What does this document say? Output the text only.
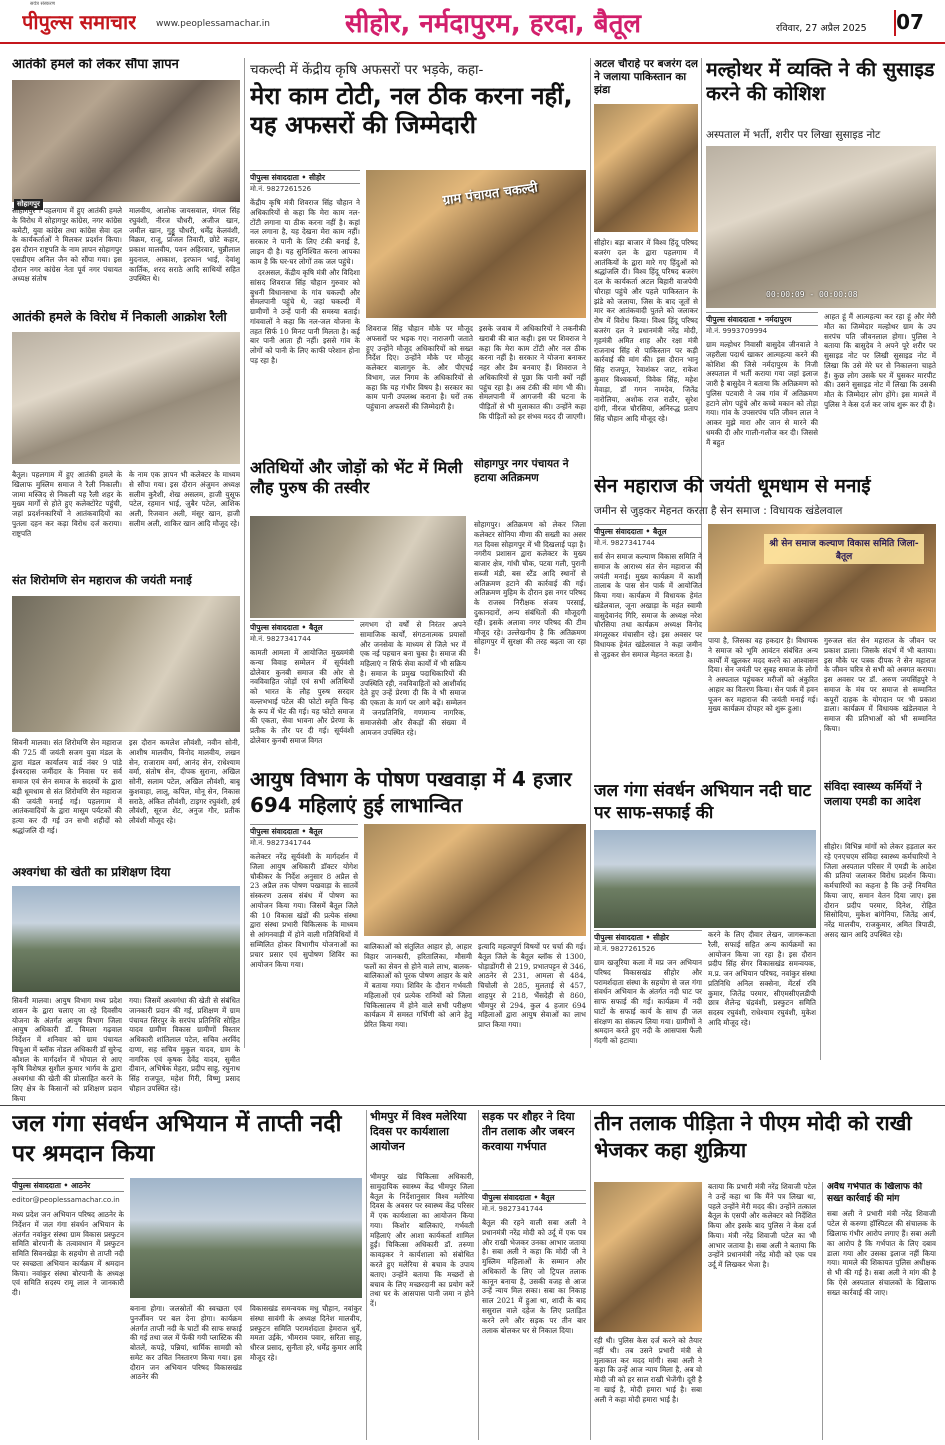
सर्वत्र संस्करण
पीपुल्स समाचार www.peoplessamachar.in	सीहोर, नर्मदापुरम, हरदा, बैतूल	रविवार, 27 अप्रैल 2025 07
आतंकी हमले को लेकर सौंपा ज्ञापन
सोहागपुर
सोहागपुर । पहलगाम में हुए आतंकी हमले के विरोध में सोहागपुर कांग्रेस, नगर कांग्रेस कमेटी, युवा कांग्रेस तथा कांग्रेस सेवा दल के कार्यकर्ताओं ने मिलकर प्रदर्शन किया। इस दौरान राष्ट्रपति के नाम ज्ञापन सोहागपुर एसडीएम अनिल जैन को सौंपा गया। इस दौरान नगर कांग्रेस नेता पूर्व नगर पंचायत अध्यक्ष संतोष
मालवीय, आलोक जायसवाल, मंगल सिंह रघुवंशी, नीरज चौधरी, अजीज खान, जमील खान, गुड्डू चौधरी, धर्मेंद्र केलवंशी, विक्रम, राजू, प्रांजल तिवारी, छोटे कहार, प्रकाश मालवीय, पवन अहिरवार, चुन्नीलाल मुदनाल, आकाश, इरफान भाई, देवांशु कार्तिक, शरद सराठे आदि साथियों सहित उपस्थित थे।
आतंकी हमले के विरोध में निकाली आक्रोश रैली
बैतूल। पहलगाम में हुए आतंकी हमले के खिलाफ मुस्लिम समाज ने रैली निकाली। जामा मस्जिद से निकली यह रैली शहर के मुख्य मार्गों से होते हुए कलेक्टोरेट पहुंची, जहां प्रदर्शनकारियों ने आतंकवादियों का पुतला दहन कर कड़ा विरोध दर्ज कराया। राष्ट्रपति
के नाम एक ज्ञापन भी कलेक्टर के माध्यम से सौंपा गया। इस दौरान अंजुमन अध्यक्ष सलीम कुरैशी, शेख असलम, हाजी युसूफ पटेल, रहमान भाई, जुबैर पटेल, आशिक अली, रिजवान अली, मंसूर खान, हाजी सलीम अली, शाकिर खान आदि मौजूद रहे।
संत शिरोमणि सेन महाराज की जयंती मनाई
सिवनी मालवा। संत शिरोमणि सेन महाराज की 725 वीं जयंती सजग युवा मंडल के द्वारा मंडल कार्यालय वार्ड नंबर 9 पांडे ईश्वरदास जमींदार के निवास पर सर्व समाज एवं सेन समाज के सदस्यों के द्वारा बड़ी धूमधाम से संत शिरोमणि सेन महाराज की जयंती मनाई गई। पहलगाम में आतंकवादियों के द्वारा मासूम पर्यटकों की हत्या कर दी गई उन सभी शहीदों को श्रद्धांजलि दी गई।
इस दौरान कमलेश लौवंशी, नवीन सोनी, आशीष मालवीय, विनोद मालवीय, लखन सेन, राजाराम वर्मा, आनंद सेन, राधेश्याम वर्मा, संतोष सेन, दीपक सुराना, अखिल सोनी, सलाम पटेल, अखिल लौवंशी, बाबू कुशवाहा, लालू, कपिल, मोनू सेन, निकास सराठे, अंकित लौवंशी, टाइगर रघुवंशी, हर्ष लौवंशी, सूरज शेट, अनुज गौर, प्रतीक लौवंशी मौजूद रहे।
अश्वगंधा की खेती का प्रशिक्षण दिया
सिवनी मालवा। आयुष विभाग मध्य प्रदेश शासन के द्वारा चलाए जा रहे दिवसीय योजना के अंतर्गत आयुष विभाग जिला आयुष अधिकारी डॉ. विमला गढ़वाल निर्देशन में शनिवार को ग्राम पंचायत चिचुआ में ब्लॉक नोडल अधिकारी डॉ सुरेन्द्र कौशल के मार्गदर्शन में भोपाल से आए कृषि विशेषज्ञ सुशील कुमार भार्गव के द्वारा अश्वगंधा की खेती की प्रोत्साहित करने के लिए क्षेत्र के किसानों को प्रशिक्षण प्रदान किया
गया। जिसमें अश्वगंधा की खेती से संबंधित जानकारी प्रदान की गई, प्रशिक्षण में ग्राम पंचायत सिरपुर के सरपंच प्रतिनिधि सोहित यादव ग्रामीण विकास ग्रामीणों विस्तार अधिकारी शांतिलाल पटेल, सचिव अरविंद दाणा, सह सचिव मुकुल यादव, ग्राम के नागरिक एवं कृषक देवेंद्र यादव, सुमीत दीवान, अभिषेक मेहरा, प्रदीप साहू, रघुनाथ सिंह राजपूत, महेश गिरी, विष्णु प्रसाद चौहान उपस्थित रहे।
चकल्दी में केंद्रीय कृषि अफसरों पर भड़के, कहा-
मेरा काम टोटी, नल ठीक करना नहीं, यह अफसरों की जिम्मेदारी
पीपुल्स संवाददाता • सीहोर
मो.नं. 9827261526
केंद्रीय कृषि मंत्री शिवराज सिंह चौहान ने अधिकारियों से कहा कि मेरा काम नल-टोंटी लगाना या ठीक करना नहीं है। कहां नल लगाना है, यह देखना मेरा काम नहीं। सरकार ने पानी के लिए टंकी बनाई है, लाइन दी है। यह सुनिश्चित करना आपका काम है कि घर-घर लोगों तक जल पहुंचे।
दरअसल, केंद्रीय कृषि मंत्री और विदिशा सांसद शिवराज सिंह चौहान गुरुवार को बुधनी विधानसभा के गांव चकल्दी और सेमलपानी पहुंचे थे, जहां चकल्दी में ग्रामीणों ने उन्हें पानी की समस्या बताई। गांववालों ने कहा कि नल-जल योजना के तहत सिर्फ 10 मिनट पानी मिलता है। कई बार पानी आता ही नहीं। इससे गांव के लोगों को पानी के लिए काफी परेशान होना पड़ रहा है।
ग्राम पंचायत चकल्दी
शिवराज सिंह चौहान मौके पर मौजूद अफसरों पर भड़क गए। नाराजगी जताते हुए उन्होंने मौजूद अधिकारियों को सख्त निर्देश दिए। उन्होंने मौके पर मौजूद कलेक्टर बालागुरु के. और पीएचई विभाग, जल निगम के अधिकारियों से कहा कि यह गंभीर विषय है। सरकार का काम पानी उपलब्ध कराना है। घरों तक पहुंचाना अफसरों की जिम्मेदारी है।
इसके जवाब में अधिकारियों ने तकनीकी खराबी की बात कही। इस पर शिवराज ने कहा कि मेरा काम टोंटी और नल ठीक करना नहीं है। सरकार ने योजना बनाकर नहर और डैम बनवाए हैं। शिवराज ने अधिकारियों से पूछा कि पानी क्यों नहीं पहुंच रहा है। अब टंकी की मांग भी की। सेमलपानी में आगजनी की घटना के पीड़ितों से भी मुलाकात की। उन्होंने कहा कि पीड़ितों को हर संभव मदद दी जाएगी।
अटल चौराहे पर बजरंग दल ने जलाया पाकिस्तान का झंडा
सीहोर। बड़ा बाजार में विश्व हिंदू परिषद बजरंग दल के द्वारा पहलगाम में आतंकियों के द्वारा मारे गए हिंदुओं को श्रद्धांजलि दी। विश्व हिंदू परिषद बजरंग दल के कार्यकर्ता अटल बिहारी वाजपेयी चौराहा पहुंचे और पहले पाकिस्तान के झंडे को जलाया, जिस के बाद जूतों से मार कर आतंकवादी पुतले को जलाकर रोष में विरोध किया। विश्व हिंदू परिषद बजरंग दल ने प्रधानमंत्री नरेंद्र मोदी, गृहमंत्री अमित शाह और रक्षा मंत्री राजनाथ सिंह से पाकिस्तान पर कड़ी कार्रवाई की मांग की। इस दौरान भानू सिंह राजपूत, रेवाशंकर जाट, राकेश कुमार विश्वकर्मा, विवेक सिंह, महेश मेवाड़ा, डॉ गगन नामदेव, जितेंद्र नारोलिया, अशोक राज राठौर, सुरेश दांगी, नीरज चौरसिया, अनिरुद्ध प्रताप सिंह चौहान आदि मौजूद रहे।
मल्होथर में व्यक्ति ने की सुसाइड करने की कोशिश
अस्पताल में भर्ती, शरीर पर लिखा सुसाइड नोट
00:00:09 - 00:00:08
पीपुल्स संवाददाता • नर्मदापुरम
मो.नं. 9993709994
ग्राम मल्होथर निवासी बासुदेव जीनवाले ने जहरीला पदार्थ खाकर आत्महत्या करने की कोशिश की जिसे नर्मदापुरम के निजी अस्पताल में भर्ती कराया गया जहां इलाज जारी है बासुदेव ने बताया कि अतिक्रमण को पुलिस पटवारी ने जब गांव में अतिक्रमण हटाने लोग पहुंचे और कच्चे मकान को तोड़ा गया। गांव के उपसरपंच पति जीवन लाल ने आकर मुझे मारा और जान से मारने की धमकी दी और गाली-गलौज कर दी। जिससे मैं बहुत
आहत हूं मैं आत्महत्या कर रहा हूं और मेरी मौत का जिम्मेदार मल्होथर ग्राम के उप सरपंच पति जीवनलाल होगा। पुलिस ने बताया कि बासुदेव ने अपने पूरे शरीर पर सुसाइड नोट पर लिखी सुसाइड नोट में लिखा कि उसे मेरे घर से निकालना चाहते हैं। कुछ लोग उसके घर में घुसकर मारपीट की। उसने सुसाइड नोट में लिखा कि उसकी मौत के जिम्मेदार लोग होंगे। इस मामले में पुलिस ने केस दर्ज कर जांच शुरू कर दी है।
अतिथियों और जोड़ों को भेंट में मिली लौह पुरुष की तस्वीर
पीपुल्स संवाददाता • बैतूल
मो.नं. 9827341744
कामती आमला में आयोजित मुख्यमंत्री कन्या विवाह सम्मेलन में सूर्यवंशी ढोलेवार कुनबी समाज की ओर से नवविवाहित जोड़ों एवं सभी अतिथियों को भारत के लौह पुरुष सरदार वल्लभभाई पटेल की फोटो स्मृति चिन्ह के रूप में भेंट की गई। यह फोटो समाज की एकता, सेवा भावना और प्रेरणा के प्रतीक के तौर पर दी गई। सूर्यवंशी ढोलेवार कुनबी समाज विगत
लगभग दो वर्षों से निरंतर अपने सामाजिक कार्यों, संगठनात्मक प्रयासों और जनसेवा के माध्यम से जिले भर में एक नई पहचान बना चुका है। समाज की महिलाएं न सिर्फ सेवा कार्यों में भी सक्रिय है। समाज के प्रमुख पदाधिकारियों की उपस्थिति रही, नवविवाहितों को आशीर्वाद देते हुए उन्हें प्रेरणा दी कि वे भी समाज की एकता के मार्ग पर आगे बढ़ें। सम्मेलन में जनप्रतिनिधि, गणमान्य नागरिक, समाजसेवी और सैकड़ों की संख्या में आमजन उपस्थित रहे।
सोहागपुर नगर पंचायत ने हटाया अतिक्रमण
सोहागपुर। अतिक्रमण को लेकर जिला कलेक्टर सोनिया मीणा की सख्ती का असर गत दिवस सोहागपुर में भी दिखलाई पड़ा है। नगरीय प्रशासन द्वारा कलेक्टर के मुख्य बाजार क्षेत्र, गांधी चौक, पटवा गली, पुरानी सब्जी मंडी, बस स्टैंड आदि स्थानों से अतिक्रमण हटाने की कार्रवाई की गई। अतिक्रमण मुहिम के दौरान इस नगर परिषद के राजस्व निरीक्षक संजय परसाई, दुकानदारों, अन्य संबंधितों की मौजूदगी रही। इसके अलावा नगर परिषद की टीम मौजूद रहे। उल्लेखनीय है कि अतिक्रमण सोहागपुर में सुरक्षा की तरह बढ़ता जा रहा है।
सेन महाराज की जयंती धूमधाम से मनाई
जमीन से जुड़कर मेहनत करता है सेन समाज : विधायक खंडेलवाल
पीपुल्स संवाददाता • बैतूल
मो.नं. 9827341744
सर्व सेन समाज कल्याण विकास समिति ने समाज के आराध्य संत सेन महाराज की जयंती मनाई। मुख्य कार्यक्रम में काशी तालाब के पास सेन पार्क में आयोजित किया गया। कार्यक्रम में विधायक हेमंत खंडेलवाल, जूना अखाड़ा के महंत स्वामी वासुदेवानंद गिरि, समाज के अध्यक्ष नरेश चौरसिया तथा कार्यक्रम अध्यक्ष विनोद मंगलूरकर मंचासीन रहे। इस अवसर पर विधायक हेमंत खंडेलवाल ने कहा जमीन से जुड़कर सेन समाज मेहनत करता है।
श्री सेन समाज कल्याण विकास समिति जिला-बैतूल
पाया है, जिसका वह हकदार है। विधायक ने समाज को भूमि आवंटन संबंधित अन्य कार्यों में खुलकर मदद करने का आश्वासन दिया। सेन जयंती पर सुबह समाज के लोगों ने अस्पताल पहुंचकर मरीजों को अंकुरित आहार का वितरण किया। सेन पार्क में हवन पूजन कर महाराज की जयंती मनाई गई। मुख्य कार्यक्रम दोपहर को शुरू हुआ।
गुरुजल संत सेन महाराज के जीवन पर प्रकाश डाला। जिसके संदर्भ में भी बताया। इस मौके पर पत्रक दीपक ने सेन महाराज के जीवन चरित्र से सभी को अवगत कराया। इस अवसर पर डॉ. अरुण जयसिंहपुरे ने समाज के मंच पर समाज से सम्मानित कपूरों दाहक के योगदान पर भी प्रकाश डाला। कार्यक्रम में विधायक खंडेलवाल ने समाज की प्रतिभाओं को भी सम्मानित किया।
आयुष विभाग के पोषण पखवाड़ा में 4 हजार 694 महिलाएं हुई लाभान्वित
पीपुल्स संवाददाता • बैतूल
मो.नं. 9827341744
कलेक्टर नरेंद्र सूर्यवंशी के मार्गदर्शन में जिला आयुष अधिकारी डॉक्टर योगेश चौकीकर के निर्देश अनुसार 8 अप्रैल से 23 अप्रैल तक पोषण पखवाड़ा के सातवें संस्करण उत्सव संबंध में पोषण का आयोजन किया गया। जिसमें बैतूल जिले की 10 विकास खंडों की प्रत्येक संस्था द्वारा संस्था प्रभारी चिकित्सक के माध्यम से आंगनवाड़ी में होने वाली गतिविधियों में सम्मिलित होकर विभागीय योजनाओं का प्रचार प्रसार एवं सुपोषण शिविर का आयोजन किया गया।
बालिकाओं को संतुलित आहार हो, आहार विहार जानकारी, हरितालिका, मौसमी फलों का सेवन से होने वाले लाभ, बालक-बालिकाओं को पूरक पोषण आहार के बारे में बताया गया। शिविर के दौरान गर्भवती महिलाओं एवं प्रत्येक रानियों को जिला चिकित्सालय में होने वाले सभी परीक्षण कार्यक्रम में समस्त गर्भिणी को आने हेतु प्रेरित किया गया।
इत्यादि महत्वपूर्ण विषयों पर चर्चा की गई। बैतूल जिले के बैतूल ब्लॉक से 1300, घोड़ाडोंगरी से 219, प्रभातपट्टन से 346, आठनेर से 231, आमला से 484, चिचोली से 285, मुलताई से 457, शाहपुर से 218, भैंसदेही से 860, भीमपुर से 294, कुल 4 हजार 694 महिलाओं द्वारा आयुष सेवाओं का लाभ प्राप्त किया गया।
जल गंगा संवर्धन अभियान नदी घाट पर साफ-सफाई की
पीपुल्स संवाददाता • सीहोर
मो.नं. 9827261526
ग्राम खजूरिया कला में मप्र जन अभियान परिषद विकासखंड सीहोर और परामर्शदाता संस्था के सहयोग से जल गंगा संवर्धन अभियान के अंतर्गत नदी घाट पर साफ सफाई की गई। कार्यक्रम में नदी घाटों के सफाई कार्य के साथ ही जल संरक्षण का संकल्प लिया गया। ग्रामीणों ने श्रमदान करते हुए नदी के आसपास फैली गंदगी को हटाया।
करने के लिए दीवार लेखन, जागरूकता रैली, सफाई सहित अन्य कार्यक्रमों का आयोजन किया जा रहा है। इस दौरान प्रदीप सिंह सेंगर विकासखंड समन्वयक, म.प्र. जन अभियान परिषद, नवांकुर संस्था प्रतिनिधि अनिल सक्सेना, मेंटर्स रवि कुमार, जितेंद्र परमार, सीएमसीएलडीपी छात्र शैलेन्द्र चंद्रवंशी, प्रस्फुटन समिति सदस्य रघुवंशी, राधेश्याम रघुवंशी, मुकेश आदि मौजूद रहे।
संविदा स्वास्थ्य कर्मियों ने जलाया एमडी का आदेश
सीहोर। विभिन्न मांगों को लेकर हड़ताल कर रहे एनएचएम संविदा स्वास्थ्य कर्मचारियों ने जिला अस्पताल परिसर में एमडी के आदेश की प्रतियां जलाकर विरोध प्रदर्शन किया। कर्मचारियों का कहना है कि उन्हें नियमित किया जाए, समान वेतन दिया जाए। इस दौरान प्रदीप परमार, दिनेश, रोहित सिसोदिया, मुकेश बांगेनिया, जितेंद्र आर्य, नरेंद्र मालवीय, राजकुमार, अमित त्रिपाठी, असद खान आदि उपस्थित रहे।
जल गंगा संवर्धन अभियान में ताप्ती नदी पर श्रमदान किया
पीपुल्स संवाददाता • आठनेर
editor@peoplessamachar.co.in
मध्य प्रदेश जन अभियान परिषद आठनेर के निर्देशन में जल गंगा संवर्धन अभियान के अंतर्गत नवांकुर संस्था ग्राम विकास प्रस्फुटन समिति बोरपानी के तत्वावधान में प्रस्फुटन समिति सिवनखेड़ा के सहयोग से ताप्ती नदी पर स्वच्छता अभियान कार्यक्रम में श्रमदान किया। नवांकुर संस्था बोरपानी के अध्यक्ष एवं समिति सदस्य रामू लाल ने जानकारी दी।
बनाना होगा। जलस्रोतों की स्वच्छता एवं पुनर्जीवन पर बल देना होगा। कार्यक्रम अंतर्गत ताप्ती नदी के घाटों की साफ सफाई की गई तथा जल में फेंकी गयी प्लास्टिक की बोतलें, कपड़े, पन्नियां, धार्मिक सामग्री को समेट कर उचित निस्तारण किया गया। इस दौरान जन अभियान परिषद विकासखंड आठनेर की
विकासखंड समन्वयक मधु चौहान, नवांकुर संस्था सावंगी के अध्यक्ष दिनेश मालवीय, प्रस्फुटन समिति परामर्शदाता हेमराज धुर्वे, ममता उईके, भीमराव पवार, सरिता साहू, धीरज प्रसाद, सुनीता हरे, धर्मेंद्र कुमार आदि मौजूद रहे।
भीमपुर में विश्व मलेरिया दिवस पर कार्यशाला आयोजन
भीमपुर खंड चिकित्सा अधिकारी, सामुदायिक स्वास्थ्य केंद्र भीमपुर जिला बैतूल के निर्देशानुसार विश्व मलेरिया दिवस के अवसर पर स्वास्थ्य केंद्र परिसर में एक कार्यशाला का आयोजन किया गया। किशोर बालिकाएं, गर्भवती महिलाएं और आशा कार्यकर्ता शामिल हुईं। चिकित्सा अधिकारी डॉ. तरुणा कावड़कर ने कार्यशाला को संबोधित करते हुए मलेरिया से बचाव के उपाय बताए। उन्होंने बताया कि मच्छरों से बचाव के लिए मच्छरदानी का प्रयोग करें तथा घर के आसपास पानी जमा न होने दें।
सड़क पर शौहर ने दिया तीन तलाक और जबरन करवाया गर्भपात
पीपुल्स संवाददाता • बैतूल
मो.नं. 9827341744
बैतूल की रहने वाली सबा अली ने प्रधानमंत्री नरेंद्र मोदी को उर्दू में एक पत्र और राखी भेजकर उनका आभार जताया है। सबा अली ने कहा कि मोदी जी ने मुस्लिम महिलाओं के सम्मान और अधिकारों के लिए जो ट्रिपल तलाक कानून बनाया है, उसकी वजह से आज उन्हें न्याय मिल सका। सबा का निकाह साल 2021 में हुआ था, शादी के बाद ससुराल वाले दहेज के लिए प्रताड़ित करने लगे और सड़क पर तीन बार तलाक बोलकर घर से निकाल दिया।
तीन तलाक पीड़िता ने पीएम मोदी को राखी भेजकर कहा शुक्रिया
रही थी। पुलिस केस दर्ज करने को तैयार नहीं थी। तब उसने प्रभारी मंत्री से मुलाकात कर मदद मांगी। सबा अली ने कहा कि उन्हें आज न्याय मिला है, अब वो मोदी जी को हर साल राखी भेजेंगी। दूरी है ना खाई है, मोदी हमारा भाई है। सबा अली ने कहा मोदी हमारा भाई है।
बताया कि प्रभारी मंत्री नरेंद्र शिवाजी पटेल ने उन्हें कहा था कि मैंने पत्र लिखा था, पहले उन्होंने मेरी मदद की। उन्होंने तत्काल बैतूल के एसपी और कलेक्टर को निर्देशित किया और इसके बाद पुलिस ने केस दर्ज किया। मंत्री नरेंद्र शिवाजी पटेल का भी आभार जताया है। सबा अली ने बताया कि उन्होंने प्रधानमंत्री नरेंद्र मोदी को एक पत्र उर्दू में लिखकर भेजा है।
अवैध गर्भपात के खिलाफ की सख्त कार्रवाई की मांग
सबा अली ने प्रभारी मंत्री नरेंद्र शिवाजी पटेल से करुणा हॉस्पिटल की संचालक के खिलाफ गंभीर आरोप लगाए हैं। सबा अली का आरोप है कि गर्भपात के लिए दबाव डाला गया और उसका इलाज नहीं किया गया। मामले की शिकायत पुलिस अधीक्षक से भी की गई है। सबा अली ने मांग की है कि ऐसे अस्पताल संचालकों के खिलाफ सख्त कार्रवाई की जाए।
